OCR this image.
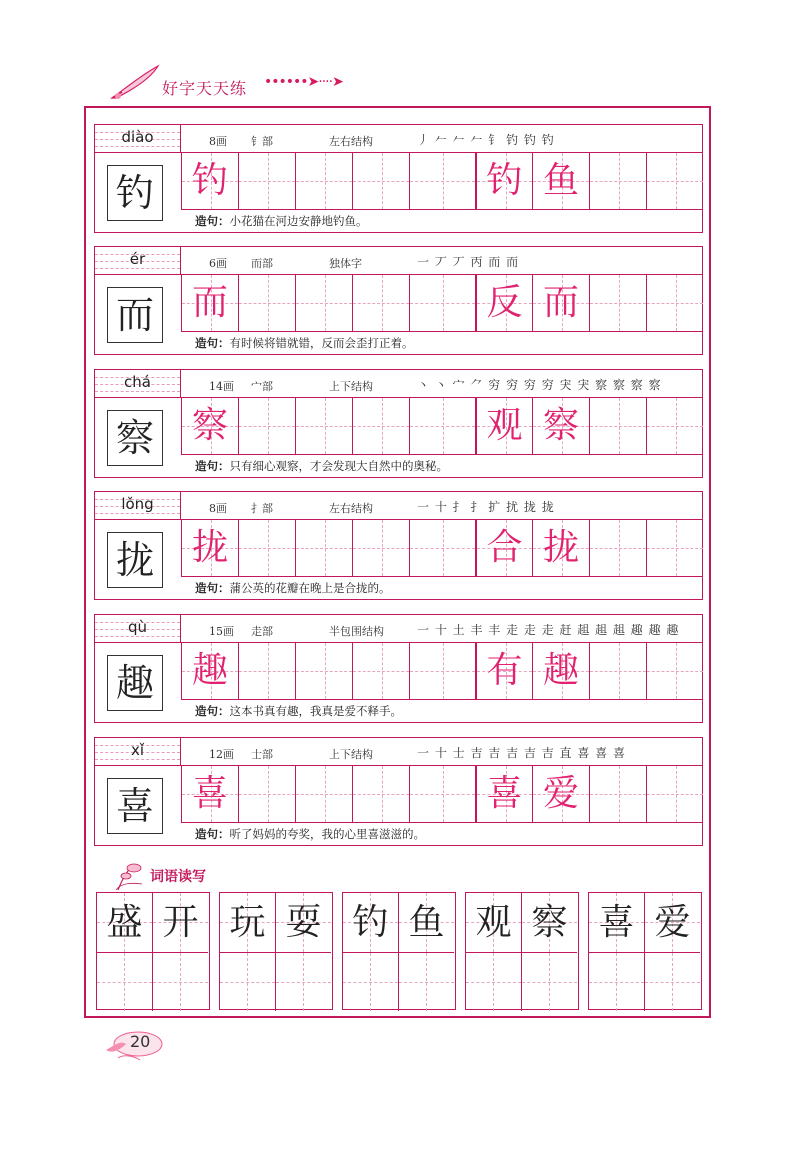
好字天天练 ••••••➤····➤
diào	8画 钅部	左右结构	丿 𠂉 𠂉 𠂉 钅 钓 钓 钓
钓 钓	钓 鱼
造句：小花猫在河边安静地钓鱼。
ér	6画 而部	独体字	一 丆 丆 丙 而 而
而 而	反 而
造句：有时候将错就错，反而会歪打正着。
chá	14画 宀部	上下结构	丶 丶 宀 ⺈ 穷 穷 穷 穷 宊 宊 察 察 察 察
察 察	观 察
造句：只有细心观察，才会发现大自然中的奥秘。
lǒng	8画 扌部	左右结构	一 十 扌 扌 扩 扰 拢 拢
拢 拢	合 拢
造句：蒲公英的花瓣在晚上是合拢的。
qù	15画 走部	半包围结构	一 十 土 丰 丰 走 走 走 赶 趄 趄 趄 趣 趣 趣
趣 趣	有 趣
造句：这本书真有趣，我真是爱不释手。
xǐ	12画 士部	上下结构	一 十 士 吉 吉 吉 吉 吉 直 喜 喜 喜
喜 喜	喜 爱
造句：听了妈妈的夸奖，我的心里喜滋滋的。
词语读写
盛 开 玩 耍 钓 鱼 观 察 喜 爱
20
